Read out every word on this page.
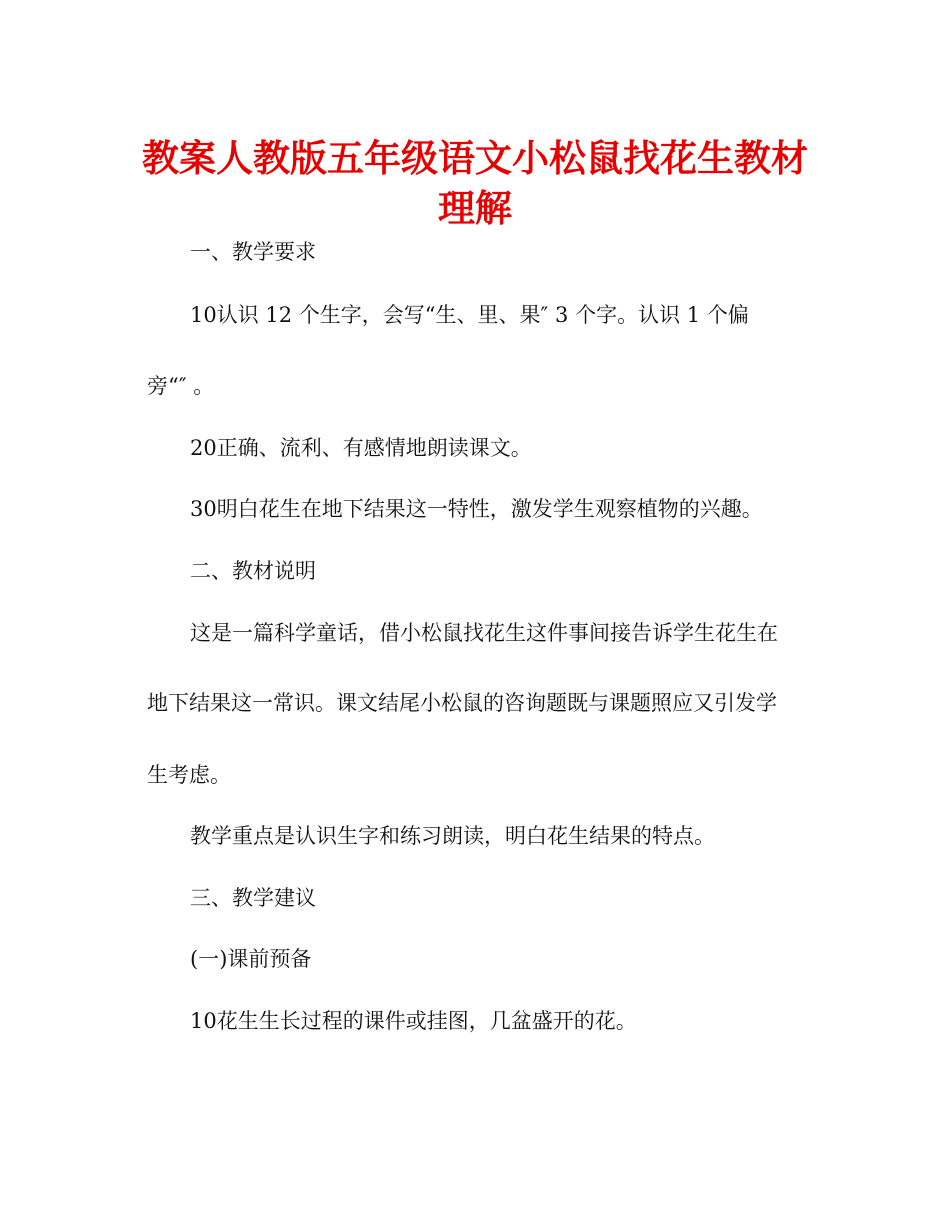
教案人教版五年级语文小松鼠找花生教材
理解
一、教学要求
10认识 12 个生字，会写“生、里、果″ 3 个字。认识 1 个偏
旁“″ 。
20正确、流利、有感情地朗读课文。
30明白花生在地下结果这一特性，激发学生观察植物的兴趣。
二、教材说明
这是一篇科学童话，借小松鼠找花生这件事间接告诉学生花生在
地下结果这一常识。课文结尾小松鼠的咨询题既与课题照应又引发学
生考虑。
教学重点是认识生字和练习朗读，明白花生结果的特点。
三、教学建议
(一)课前预备
10花生生长过程的课件或挂图，几盆盛开的花。
